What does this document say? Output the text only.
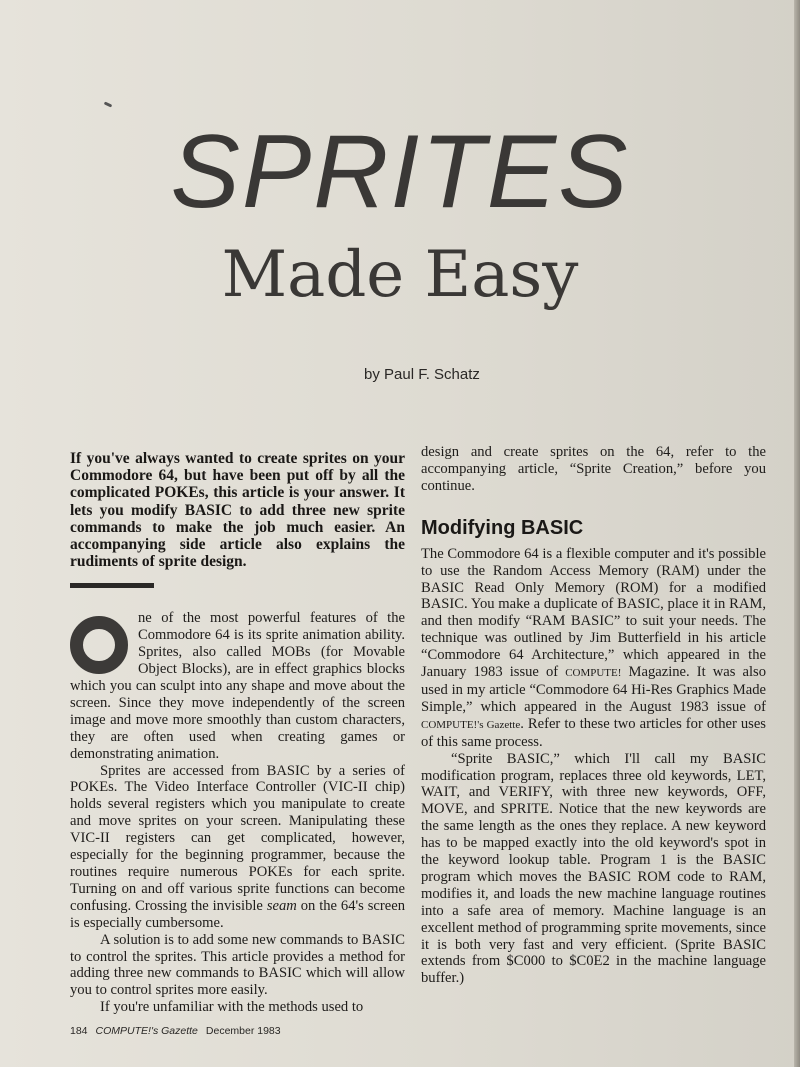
SPRITES
Made Easy
by Paul F. Schatz

If you've always wanted to create sprites on your Commodore 64, but have been put off by all the complicated POKEs, this article is your answer. It lets you modify BASIC to add three new sprite commands to make the job much easier. An accompanying side article also explains the rudiments of sprite design.

ne of the most powerful features of the Commodore 64 is its sprite animation ability. Sprites, also called MOBs (for Movable Object Blocks), are in effect graphics blocks which you can sculpt into any shape and move about the screen. Since they move independently of the screen image and move more smoothly than custom characters, they are often used when creating games or demonstrating animation.

Sprites are accessed from BASIC by a series of POKEs. The Video Interface Controller (VIC-II chip) holds several registers which you manipulate to create and move sprites on your screen. Manipulating these VIC-II registers can get complicated, however, especially for the beginning programmer, because the routines require numerous POKEs for each sprite. Turning on and off various sprite functions can become confusing. Crossing the invisible seam on the 64's screen is especially cumbersome.

A solution is to add some new commands to BASIC to control the sprites. This article provides a method for adding three new commands to BASIC which will allow you to control sprites more easily.

If you're unfamiliar with the methods used to

design and create sprites on the 64, refer to the accompanying article, “Sprite Creation,” before you continue.

Modifying BASIC

The Commodore 64 is a flexible computer and it's possible to use the Random Access Memory (RAM) under the BASIC Read Only Memory (ROM) for a modified BASIC. You make a duplicate of BASIC, place it in RAM, and then modify “RAM BASIC” to suit your needs. The technique was outlined by Jim Butterfield in his article “Commodore 64 Architecture,” which appeared in the January 1983 issue of COMPUTE! Magazine. It was also used in my article “Commodore 64 Hi-Res Graphics Made Simple,” which appeared in the August 1983 issue of COMPUTE!'s Gazette. Refer to these two articles for other uses of this same process.

“Sprite BASIC,” which I'll call my BASIC modification program, replaces three old keywords, LET, WAIT, and VERIFY, with three new keywords, OFF, MOVE, and SPRITE. Notice that the new keywords are the same length as the ones they replace. A new keyword has to be mapped exactly into the old keyword's spot in the keyword lookup table. Program 1 is the BASIC program which moves the BASIC ROM code to RAM, modifies it, and loads the new machine language routines into a safe area of memory. Machine language is an excellent method of programming sprite movements, since it is both very fast and very efficient. (Sprite BASIC extends from $C000 to $C0E2 in the machine language buffer.)

184 COMPUTE!'s Gazette December 1983
